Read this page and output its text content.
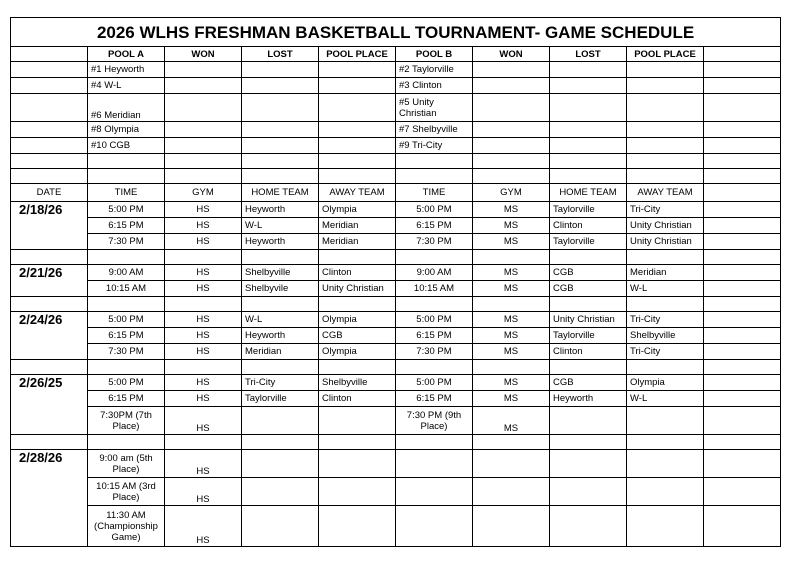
2026 WLHS FRESHMAN BASKETBALL TOURNAMENT- GAME SCHEDULE									
	POOL A	WON	LOST	POOL PLACE	POOL B	WON	LOST	POOL PLACE	
	#1 Heyworth				#2 Taylorville				
	#4 W-L				#3 Clinton				
	#6 Meridian				#5 Unity Christian				
	#8 Olympia				#7 Shelbyville				
	#10 CGB				#9 Tri-City				

DATE	TIME	GYM	HOME TEAM	AWAY TEAM	TIME	GYM	HOME TEAM	AWAY TEAM	
2/18/26	5:00 PM	HS	Heyworth	Olympia	5:00 PM	MS	Taylorville	Tri-City	
	6:15 PM	HS	W-L	Meridian	6:15 PM	MS	Clinton	Unity Christian	
	7:30 PM	HS	Heyworth	Meridian	7:30 PM	MS	Taylorville	Unity Christian	

2/21/26	9:00 AM	HS	Shelbyville	Clinton	9:00 AM	MS	CGB	Meridian	
	10:15 AM	HS	Shelbyvile	Unity Christian	10:15 AM	MS	CGB	W-L	

2/24/26	5:00 PM	HS	W-L	Olympia	5:00 PM	MS	Unity Christian	Tri-City	
	6:15 PM	HS	Heyworth	CGB	6:15 PM	MS	Taylorville	Shelbyville	
	7:30 PM	HS	Meridian	Olympia	7:30 PM	MS	Clinton	Tri-City	

2/26/25	5:00 PM	HS	Tri-City	Shelbyville	5:00 PM	MS	CGB	Olympia	
	6:15 PM	HS	Taylorville	Clinton	6:15 PM	MS	Heyworth	W-L	
	7:30PM (7th Place)	HS			7:30 PM (9th Place)	MS			

2/28/26	9:00 am (5th Place)	HS							
	10:15 AM (3rd Place)	HS							
	11:30 AM (Championship Game)	HS							
